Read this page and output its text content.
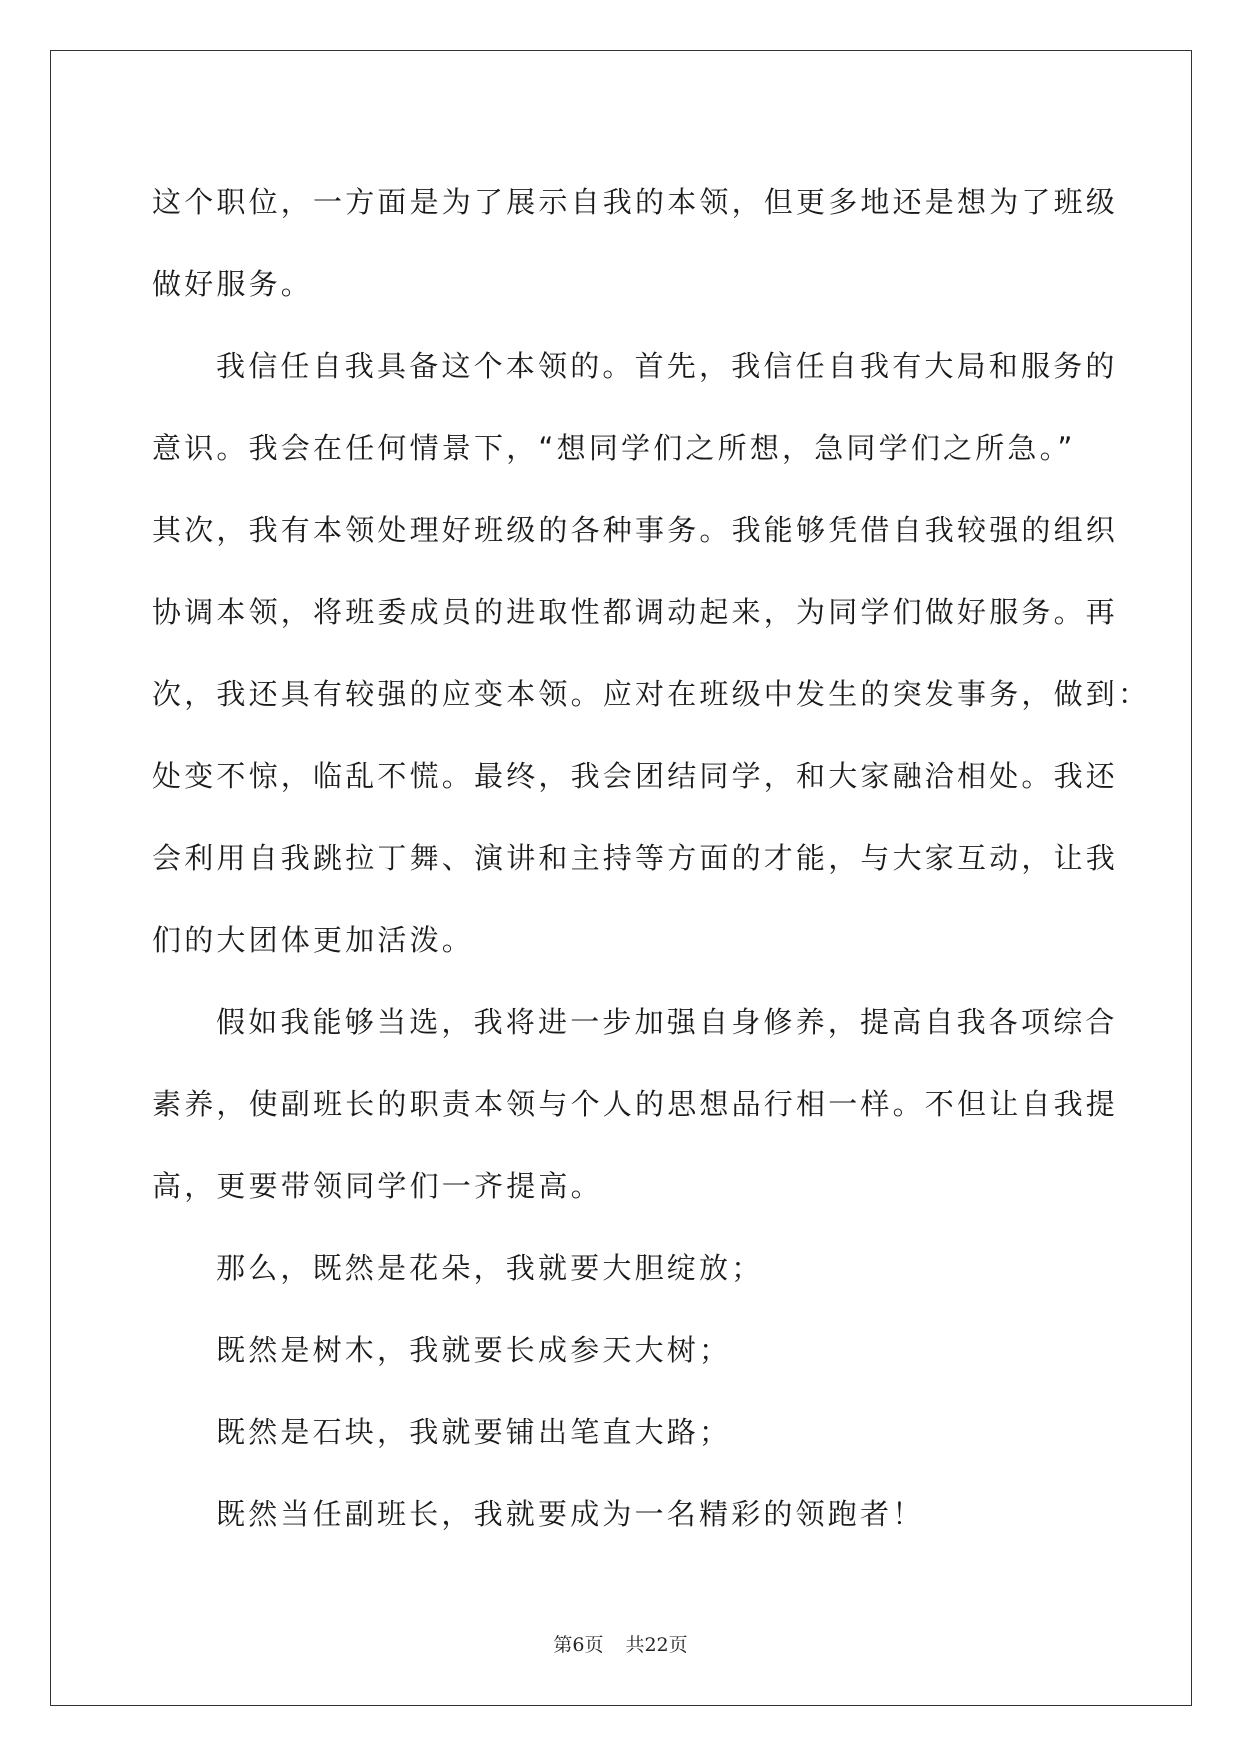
这个职位，一方面是为了展示自我的本领，但更多地还是想为了班级
做好服务。
我信任自我具备这个本领的。首先，我信任自我有大局和服务的
意识。我会在任何情景下，“想同学们之所想，急同学们之所急。”
其次，我有本领处理好班级的各种事务。我能够凭借自我较强的组织
协调本领，将班委成员的进取性都调动起来，为同学们做好服务。再
次，我还具有较强的应变本领。应对在班级中发生的突发事务，做到：
处变不惊，临乱不慌。最终，我会团结同学，和大家融洽相处。我还
会利用自我跳拉丁舞、演讲和主持等方面的才能，与大家互动，让我
们的大团体更加活泼。
假如我能够当选，我将进一步加强自身修养，提高自我各项综合
素养，使副班长的职责本领与个人的思想品行相一样。不但让自我提
高，更要带领同学们一齐提高。
那么，既然是花朵，我就要大胆绽放；
既然是树木，我就要长成参天大树；
既然是石块，我就要铺出笔直大路；
既然当任副班长，我就要成为一名精彩的领跑者！
第6页 共22页
